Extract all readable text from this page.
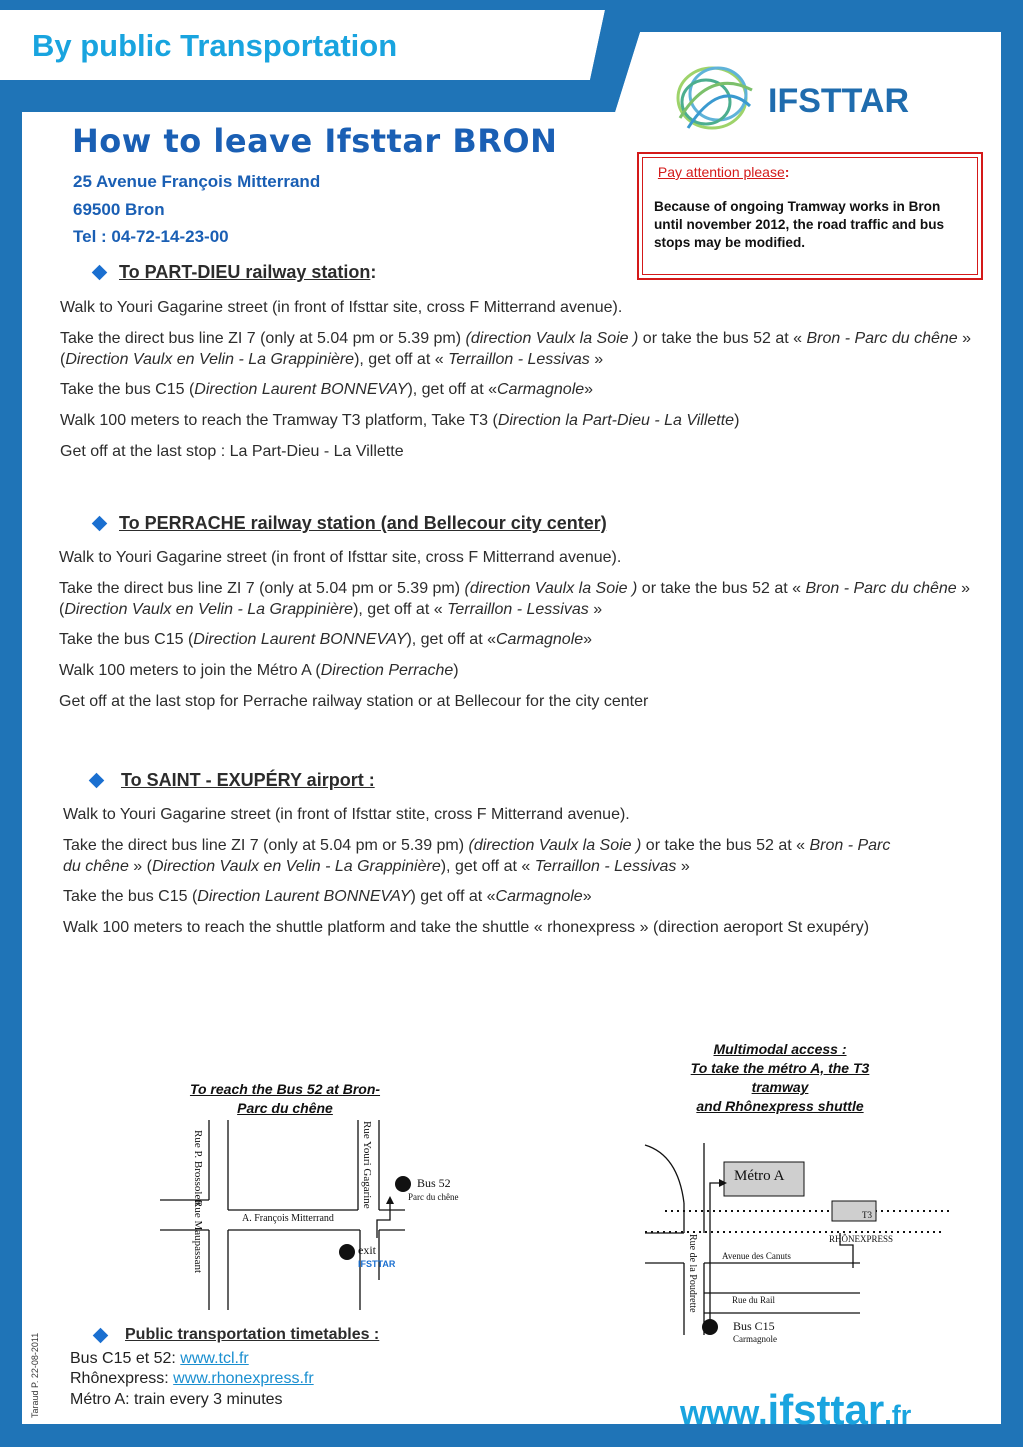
By public Transportation
IFSTTAR
How to leave Ifsttar BRON
25 Avenue François Mitterrand
69500 Bron
Tel : 04-72-14-23-00
Pay attention please:
Because of ongoing Tramway works in Bron until november 2012, the road traffic and bus stops may be modified.
To PART-DIEU railway station :
Walk to Youri Gagarine street (in front of Ifsttar site, cross F Mitterrand avenue).
Take the direct bus line ZI 7 (only at 5.04 pm or 5.39 pm) (direction Vaulx la Soie ) or take the bus 52 at « Bron - Parc du chêne » (Direction Vaulx en Velin - La Grappinière), get off at « Terraillon - Lessivas »
Take the bus C15 (Direction Laurent BONNEVAY), get off at «Carmagnole»
Walk 100 meters to reach the Tramway T3 platform, Take T3 (Direction la Part-Dieu - La Villette)
Get off at the last stop : La Part-Dieu - La Villette
To PERRACHE railway station (and Bellecour city center)
Walk to Youri Gagarine street (in front of Ifsttar site, cross F Mitterrand avenue).
Take the direct bus line ZI 7 (only at 5.04 pm or 5.39 pm) (direction Vaulx la Soie ) or take the bus 52 at « Bron - Parc du chêne » (Direction Vaulx en Velin - La Grappinière), get off at « Terraillon - Lessivas »
Take the bus C15 (Direction Laurent BONNEVAY), get off at «Carmagnole»
Walk 100 meters to join the Métro A (Direction Perrache)
Get off at the last stop for Perrache railway station or at Bellecour for the city center
To SAINT - EXUPÉRY airport :
Walk to Youri Gagarine street (in front of Ifsttar stite, cross F Mitterrand avenue).
Take the direct bus line ZI 7 (only at 5.04 pm or 5.39 pm) (direction Vaulx la Soie ) or take the bus 52 at « Bron - Parc
du chêne » (Direction Vaulx en Velin - La Grappinière), get off at « Terraillon - Lessivas »
Take the bus C15 (Direction Laurent BONNEVAY) get off at «Carmagnole»
Walk 100 meters to reach the shuttle platform and take the shuttle « rhonexpress » (direction aeroport St exupéry)
To reach the Bus 52 at Bron-
Parc du chêne
Rue P. Brossolett
Rue Maupassant
Rue Youri Gagarine
A. François Mitterrand
Bus 52
Parc du chêne
exit
IFSTTAR
Multimodal access :
To take the métro A, the T3
tramway
and Rhônexpress shuttle
Métro A
T3
RHÔNEXPRESS
Avenue des Canuts
Rue de la Poudrette	Rue du Rail
Bus C15
Carmagnole
Public transportation timetables :
Bus C15 et 52: www.tcl.fr
Rhônexpress: www.rhonexpress.fr
Métro A: train every 3 minutes
Taraud P. 22-08-2011	www.ifsttar.fr
